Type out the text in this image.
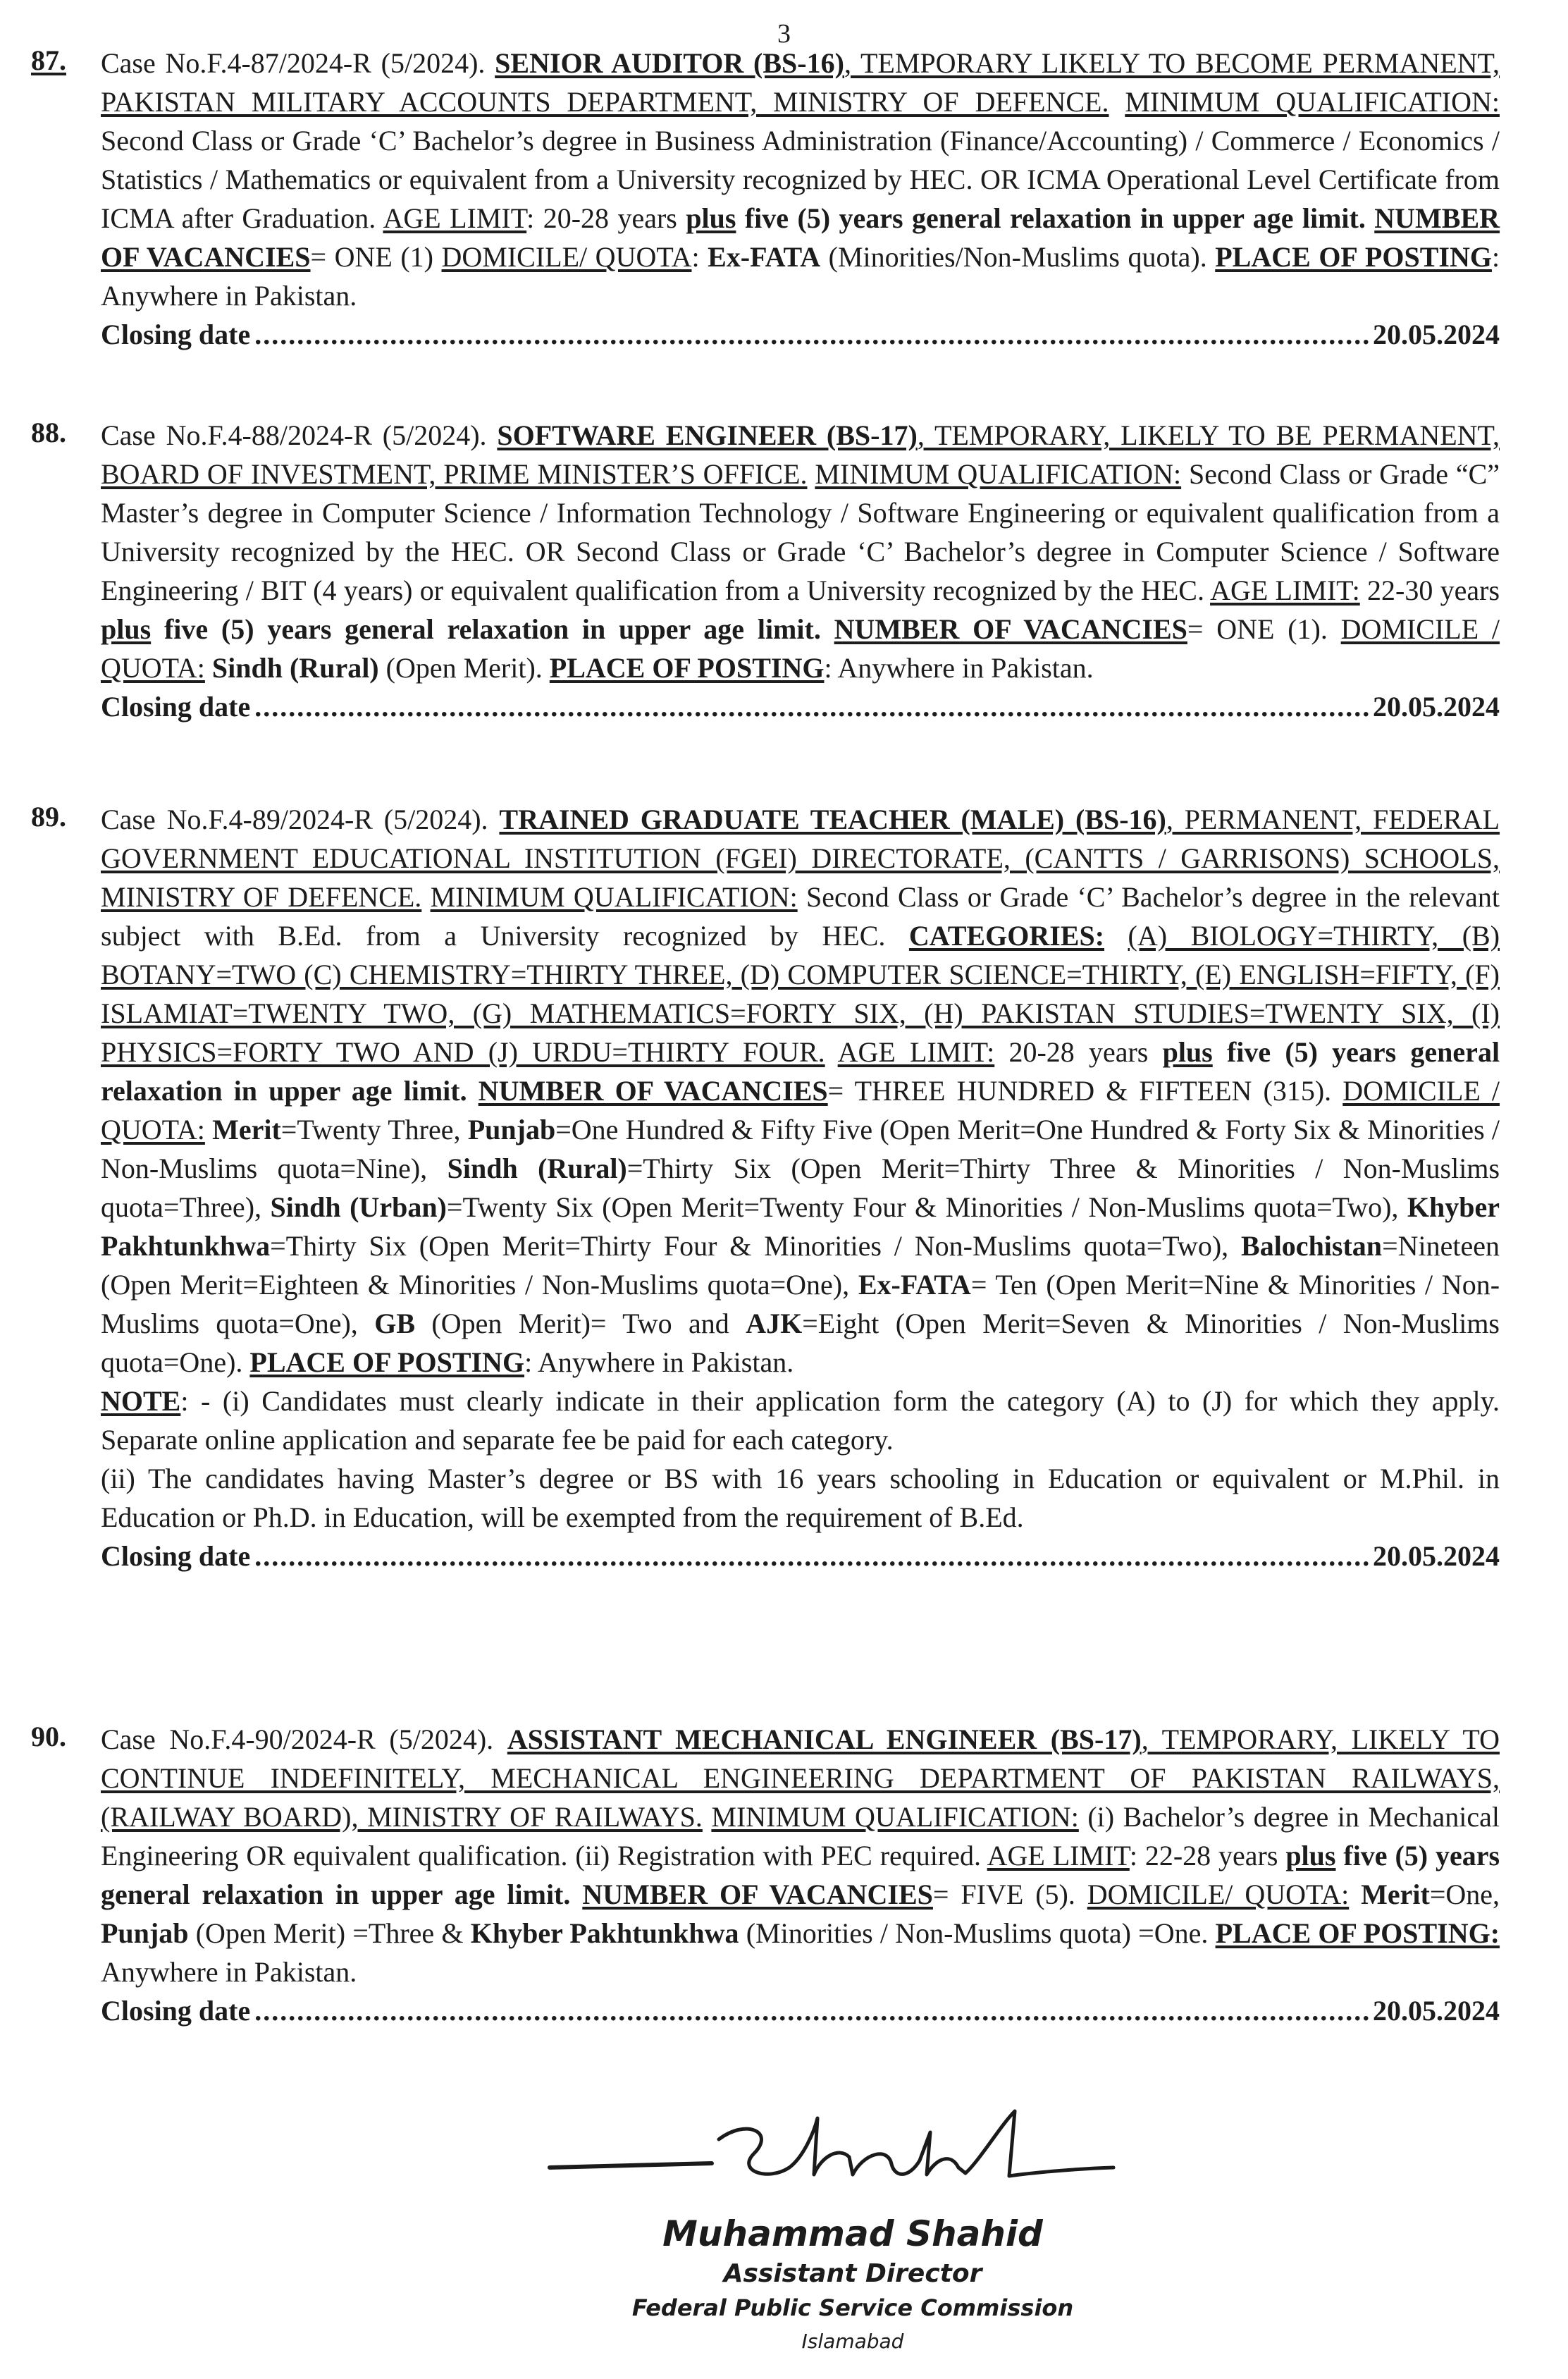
3
87. Case No.F.4-87/2024-R (5/2024). SENIOR AUDITOR (BS-16), TEMPORARY LIKELY TO BECOME PERMANENT, PAKISTAN MILITARY ACCOUNTS DEPARTMENT, MINISTRY OF DEFENCE. MINIMUM QUALIFICATION: Second Class or Grade ‘C’ Bachelor’s degree in Business Administration (Finance/Accounting) / Commerce / Economics / Statistics / Mathematics or equivalent from a University recognized by HEC. OR ICMA Operational Level Certificate from ICMA after Graduation. AGE LIMIT: 20-28 years plus five (5) years general relaxation in upper age limit. NUMBER OF VACANCIES= ONE (1) DOMICILE/ QUOTA: Ex-FATA (Minorities/Non-Muslims quota). PLACE OF POSTING: Anywhere in Pakistan.
Closing date .....	20.05.2024
88. Case No.F.4-88/2024-R (5/2024). SOFTWARE ENGINEER (BS-17), TEMPORARY, LIKELY TO BE PERMANENT, BOARD OF INVESTMENT, PRIME MINISTER’S OFFICE. MINIMUM QUALIFICATION: Second Class or Grade “C” Master’s degree in Computer Science / Information Technology / Software Engineering or equivalent qualification from a University recognized by the HEC. OR Second Class or Grade ‘C’ Bachelor’s degree in Computer Science / Software Engineering / BIT (4 years) or equivalent qualification from a University recognized by the HEC. AGE LIMIT: 22-30 years plus five (5) years general relaxation in upper age limit. NUMBER OF VACANCIES= ONE (1). DOMICILE / QUOTA: Sindh (Rural) (Open Merit). PLACE OF POSTING: Anywhere in Pakistan.
Closing date .....	20.05.2024
89. Case No.F.4-89/2024-R (5/2024). TRAINED GRADUATE TEACHER (MALE) (BS-16), PERMANENT, FEDERAL GOVERNMENT EDUCATIONAL INSTITUTION (FGEI) DIRECTORATE, (CANTTS / GARRISONS) SCHOOLS, MINISTRY OF DEFENCE. MINIMUM QUALIFICATION: Second Class or Grade ‘C’ Bachelor’s degree in the relevant subject with B.Ed. from a University recognized by HEC. CATEGORIES: (A) BIOLOGY=THIRTY, (B) BOTANY=TWO (C) CHEMISTRY=THIRTY THREE, (D) COMPUTER SCIENCE=THIRTY, (E) ENGLISH=FIFTY, (F) ISLAMIAT=TWENTY TWO, (G) MATHEMATICS=FORTY SIX, (H) PAKISTAN STUDIES=TWENTY SIX, (I) PHYSICS=FORTY TWO AND (J) URDU=THIRTY FOUR. AGE LIMIT: 20-28 years plus five (5) years general relaxation in upper age limit. NUMBER OF VACANCIES= THREE HUNDRED & FIFTEEN (315). DOMICILE / QUOTA: Merit=Twenty Three, Punjab=One Hundred & Fifty Five (Open Merit=One Hundred & Forty Six & Minorities / Non-Muslims quota=Nine), Sindh (Rural)=Thirty Six (Open Merit=Thirty Three & Minorities / Non-Muslims quota=Three), Sindh (Urban)=Twenty Six (Open Merit=Twenty Four & Minorities / Non-Muslims quota=Two), Khyber Pakhtunkhwa=Thirty Six (Open Merit=Thirty Four & Minorities / Non-Muslims quota=Two), Balochistan=Nineteen (Open Merit=Eighteen & Minorities / Non-Muslims quota=One), Ex-FATA= Ten (Open Merit=Nine & Minorities / Non-Muslims quota=One), GB (Open Merit)= Two and AJK=Eight (Open Merit=Seven & Minorities / Non-Muslims quota=One). PLACE OF POSTING: Anywhere in Pakistan.
NOTE: - (i) Candidates must clearly indicate in their application form the category (A) to (J) for which they apply. Separate online application and separate fee be paid for each category.
(ii) The candidates having Master’s degree or BS with 16 years schooling in Education or equivalent or M.Phil. in Education or Ph.D. in Education, will be exempted from the requirement of B.Ed.
Closing date .....	20.05.2024
90. Case No.F.4-90/2024-R (5/2024). ASSISTANT MECHANICAL ENGINEER (BS-17), TEMPORARY, LIKELY TO CONTINUE INDEFINITELY, MECHANICAL ENGINEERING DEPARTMENT OF PAKISTAN RAILWAYS, (RAILWAY BOARD), MINISTRY OF RAILWAYS. MINIMUM QUALIFICATION: (i) Bachelor’s degree in Mechanical Engineering OR equivalent qualification. (ii) Registration with PEC required. AGE LIMIT: 22-28 years plus five (5) years general relaxation in upper age limit. NUMBER OF VACANCIES= FIVE (5). DOMICILE/ QUOTA: Merit=One, Punjab (Open Merit) =Three & Khyber Pakhtunkhwa (Minorities / Non-Muslims quota) =One. PLACE OF POSTING: Anywhere in Pakistan.
Closing date .....	20.05.2024
Muhammad Shahid
Assistant Director
Federal Public Service Commission
Islamabad
